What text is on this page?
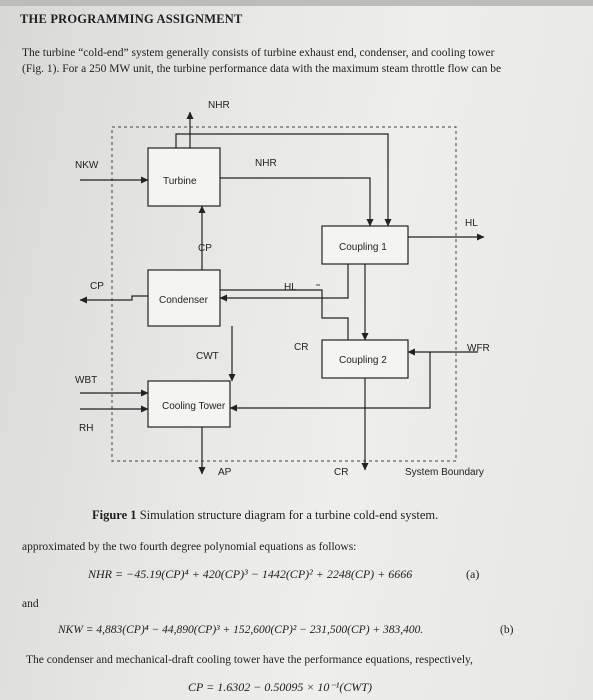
THE PROGRAMMING ASSIGNMENT
The turbine “cold-end” system generally consists of turbine exhaust end, condenser, and cooling tower
(Fig. 1). For a 250 MW unit, the turbine performance data with the maximum steam throttle flow can be
NHR
NKW
Turbine
NHR
HL
CP	Coupling 1
CP
Condenser
HL
CR	WFR
CWT	Coupling 2
WBT
Cooling Tower
RH
AP	CR	System Boundary
Figure 1 Simulation structure diagram for a turbine cold-end system.
approximated by the two fourth degree polynomial equations as follows:
NHR = −45.19(CP)⁴ + 420(CP)³ − 1442(CP)² + 2248(CP) + 6666	(a)
and
NKW = 4,883(CP)⁴ − 44,890(CP)³ + 152,600(CP)² − 231,500(CP) + 383,400.	(b)
The condenser and mechanical-draft cooling tower have the performance equations, respectively,
CP = 1.6302 − 0.50095 × 10⁻¹(CWT)
